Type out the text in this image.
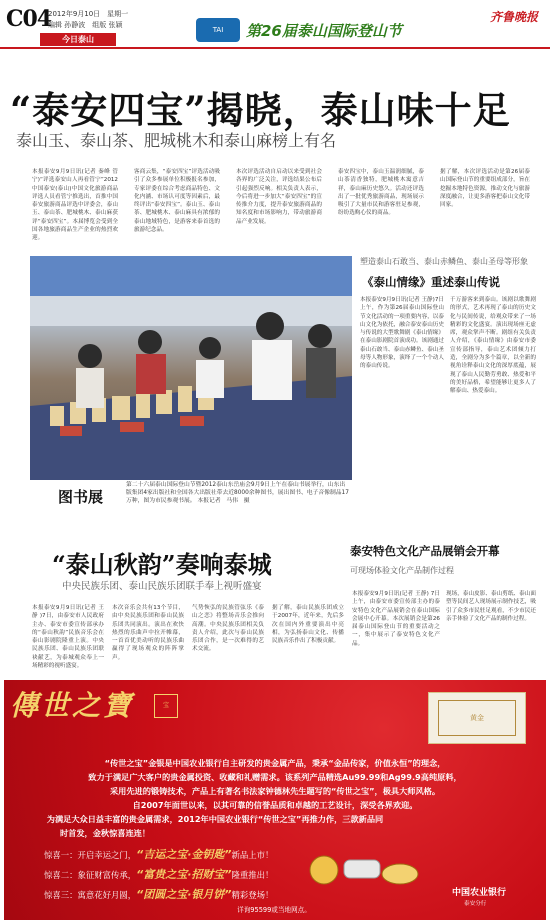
C04
2012年9月10日　星期一
编辑 孙静波　组版 张颖
今日泰山
TAI	第26届泰山国际登山节
齐鲁晚报
“泰安四宝”揭晓，泰山味十足
泰山玉、泰山茶、肥城桃木和泰山麻榜上有名
本报泰安9月9日讯(记者 秦峰 管宁)“评选泰安山人再看管宁”2012中国泰安(泰山)中国文化旅游商品评选人员看管宁推选出，首推中国泰安旅游商品评选中评委会，泰山玉、泰山茶、肥城桃木、泰山麻获评“泰安四宝”。本届博览会受到全国各地旅游商品生产企业的热烈欢迎。
客商云集，“泰安四宝”评选活动吸引了众多参展单位积极报名参加，专家评委在综合考虑商品特色、文化内涵、市场认可度等因素后，最终评出“泰安四宝”。泰山玉、泰山茶、肥城桃木、泰山麻具有浓郁的泰山地域特色，是游客来泰首选的旅游纪念品。
本次评选活动自启动以来受到社会各界的广泛关注，评选结果公布后引起强烈反响。相关负责人表示，今后将进一步加大“泰安四宝”的宣传推介力度，提升泰安旅游商品的知名度和市场影响力，带动旅游商品产业发展。
泰安四宝中，泰山玉温润细腻，泰山茶清香独特，肥城桃木寓意吉祥，泰山麻历史悠久。活动还评选出了一批优秀旅游商品，现场展示吸引了大量市民和游客驻足参观，纷纷选购心仪的商品。
据了解，本次评选活动是第26届泰山国际登山节的重要组成部分，旨在挖掘本地特色资源，推动文化与旅游深度融合，让更多游客把泰山文化带回家。
图书展
第二十六届泰山国际登山节暨2012泰山东岳庙会9月9日上午在泰山书展举行，山东出版集团4家出版社和全国各大出版社带去近8000余种图书，展出图书、电子音像制品17万种，图为市民参观书展。 本报记者　马伟　摄
“泰山秋韵”奏响泰城
中央民族乐团、泰山民族乐团联手奉上视听盛宴
本报泰安9月9日讯(记者 王静 )7日，由泰安市人民政府主办、泰安市委宣传部承办的“泰山秋韵”民族音乐会在泰山影剧院隆重上演。中央民族乐团、泰山民族乐团联袂献艺，为泰城观众奉上一场精彩的视听盛宴。
本次音乐会共有13个节目，由中央民族乐团和泰山民族乐团共同演出。演出在欢快热烈的乐曲声中拉开帷幕，一首首优美动听的民族乐曲赢得了现场观众的阵阵掌声。
气势恢弘的民族管弦乐《泰山之恋》将整场音乐会推向高潮。中央民族乐团相关负责人介绍，此次与泰山民族乐团合作，是一次难得的艺术交流。
据了解，泰山民族乐团成立于2007年，近年来，先后多次在国内外重要演出中亮相，为弘扬泰山文化、传播民族音乐作出了积极贡献。
塑造泰山石敢当、泰山赤鳞鱼、泰山圣母等形象
《泰山情缘》重述泰山传说
本报泰安9月9日讯(记者 王静)7日上午，作为第26届泰山国际登山节文化活动的一项重要内容，以泰山文化为依托，融合泰安泰山历史与传说的大型歌舞剧《泰山情缘》在泰山影剧院首演成功。该剧通过泰山石敢当、泰山赤鳞鱼、泰山圣母等人物形象，演绎了一个个动人的泰山传说。
千万游客来到泰山。该剧以歌舞剧的形式，艺术再现了泰山的历史文化与民间传说，给观众带来了一场精彩的文化盛宴。演出现场座无虚席，观众掌声不断。剧组有关负责人介绍，《泰山情缘》由泰安市委宣传部指导，泰山艺术团倾力打造，全剧分为多个篇章，以全新的视角诠释泰山文化的深厚底蕴，展现了泰山人民勤劳勇敢、热爱和平的美好品格，希望能够让更多人了解泰山、热爱泰山。
泰安特色文化产品展销会开幕
可现场体验文化产品制作过程
本报泰安9月9日讯(记者 王静) 7日上午，由泰安市委宣传部主办的泰安特色文化产品展销会在泰山国际会展中心开幕。本次展销会是第26届泰山国际登山节的重要活动之一，集中展示了泰安特色文化产品。
现场，泰山皮影、泰山剪纸、泰山面塑等民间艺人现场展示制作技艺，吸引了众多市民驻足观看，不少市民还亲手体验了文化产品的制作过程。
傳世之寶	宝
黄金
“传世之宝”金银是中国农业银行自主研发的贵金属产品，秉承“金品传家，价值永恒”的理念，
致力于满足广大客户的贵金属投资、收藏和礼赠需求。该系列产品精选Au99.99和Ag99.9高纯原料，
采用先进的锻铸技术，产品上有著名书法家钟德林先生题写的“传世之宝”，极具大师风格。
自2007年面世以来，以其可靠的信誉品质和卓越的工艺设计，深受各界欢迎。
为满足大众日益丰富的贵金属需求，2012年中国农业银行“传世之宝”再推力作，三款新品同
时首发，金秋惊喜连连！
惊喜一：开启幸运之门，“吉运之宝·金钥匙”新品上市！
惊喜二：象征财富传承，“富贵之宝·招财宝”隆重推出！
惊喜三：寓意花好月圆，“团圆之宝·银月饼”精彩登场！
详询95599或当地网点。
中国农业银行
泰安分行
